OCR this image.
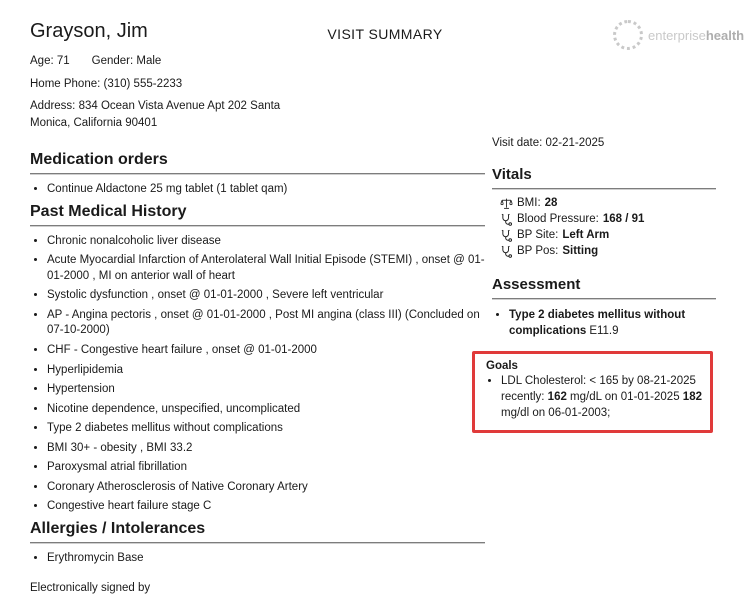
Grayson, Jim

Age: 71 Gender: Male

Home Phone: (310) 555-2233

Address: 834 Ocean Vista Avenue Apt 202 Santa

Monica, California 90401

VISIT SUMMARY	enterprisehealth
Medication orders
• Continue Aldactone 25 mg tablet (1 tablet qam)
Past Medical History
• Chronic nonalcoholic liver disease
• Acute Myocardial Infarction of Anterolateral Wall Initial Episode (STEMI) , onset @ 01-01-2000 , MI on anterior wall of heart
• Systolic dysfunction , onset @ 01-01-2000 , Severe left ventricular
• AP - Angina pectoris , onset @ 01-01-2000 , Post MI angina (class III) (Concluded on 07-10-2000)
• CHF - Congestive heart failure , onset @ 01-01-2000
• Hyperlipidemia
• Hypertension
• Nicotine dependence, unspecified, uncomplicated
• Type 2 diabetes mellitus without complications
• BMI 30+ - obesity , BMI 33.2
• Paroxysmal atrial fibrillation
• Coronary Atherosclerosis of Native Coronary Artery
• Congestive heart failure stage C
Allergies / Intolerances
• Erythromycin Base

Electronically signed by

Visit date: 02-21-2025

Vitals
BMI: 28
Blood Pressure: 168 / 91
BP Site: Left Arm
BP Pos: Sitting
Assessment
• Type 2 diabetes mellitus without complications E11.9

Goals

• LDL Cholesterol: < 165 by 08-21-2025    recently: 162 mg/dL on 01-01-2025 182 mg/dl on 06-01-2003;
